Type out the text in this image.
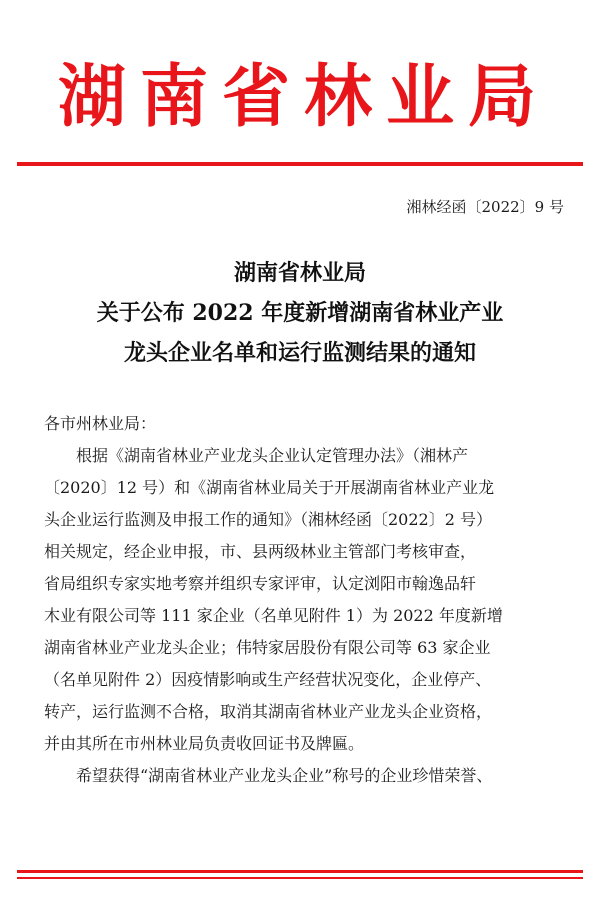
湖南省林业局
湘林经函〔2022〕9 号
湖南省林业局
关于公布 2022 年度新增湖南省林业产业
龙头企业名单和运行监测结果的通知

各市州林业局：

根据《湖南省林业产业龙头企业认定管理办法》（湘林产

〔2020〕12 号）和《湖南省林业局关于开展湖南省林业产业龙

头企业运行监测及申报工作的通知》（湘林经函〔2022〕2 号）

相关规定，经企业申报，市、县两级林业主管部门考核审查，

省局组织专家实地考察并组织专家评审，认定浏阳市翰逸品轩

木业有限公司等 111 家企业（名单见附件 1）为 2022 年度新增

湖南省林业产业龙头企业；伟特家居股份有限公司等 63 家企业

（名单见附件 2）因疫情影响或生产经营状况变化，企业停产、

转产，运行监测不合格，取消其湖南省林业产业龙头企业资格，

并由其所在市州林业局负责收回证书及牌匾。

希望获得“湖南省林业产业龙头企业”称号的企业珍惜荣誉、
